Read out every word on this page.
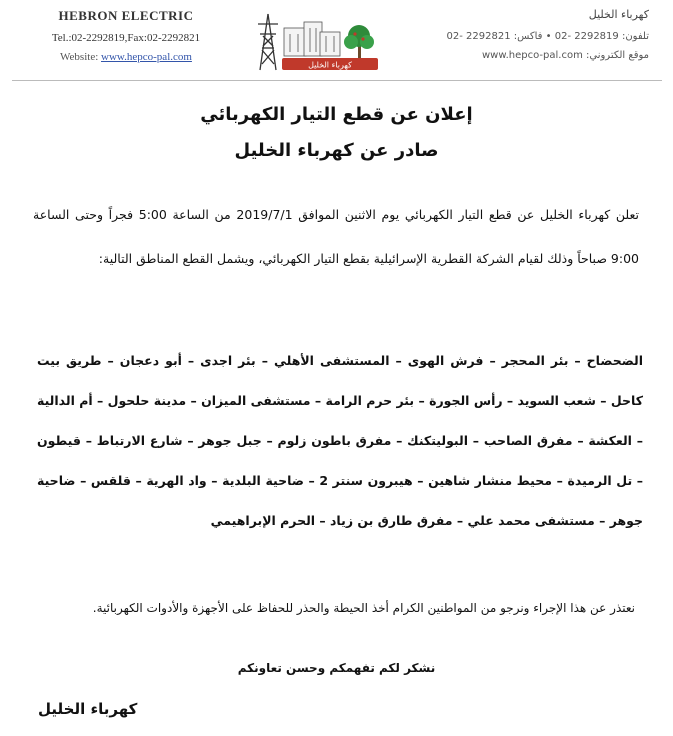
HEBRON ELECTRIC
Tel.:02-2292819,Fax:02-2292821
Website: www.hepco-pal.com
كهرباء الخليل
كهرباء الخليل
تلفون: 2292819 -02 • فاكس: 2292821 -02
موقع الكتروني: www.hepco-pal.com
إعلان عن قطع التيار الكهربائي
صادر عن كهرباء الخليل
تعلن كهرباء الخليل عن قطع التيار الكهربائي يوم الاثنين الموافق 2019/7/1 من الساعة 5:00 فجراً وحتى الساعة 9:00 صباحاً وذلك لقيام الشركة القطرية الإسرائيلية بقطع التيار الكهربائي، ويشمل القطع المناطق التالية:
الضحضاح – بئر المحجر – فرش الهوى – المستشفى الأهلي – بئر اجدى – أبو دعجان – طريق بيت كاحل – شعب السويد – رأس الجورة – بئر حرم الرامة – مستشفى الميزان – مدينة حلحول – أم الدالية – العكشة – مفرق الصاحب – البوليتكنك – مفرق باطون زلوم – جبل جوهر – شارع الارتباط – قيطون – تل الرميدة – محيط منشار شاهين – هيبرون سنتر 2 – ضاحية البلدية – واد الهرية – قلقس – ضاحية جوهر – مستشفى محمد علي – مفرق طارق بن زياد – الحرم الإبراهيمي
نعتذر عن هذا الإجراء ونرجو من المواطنين الكرام أخذ الحيطة والحذر للحفاظ على الأجهزة والأدوات الكهربائية.
نشكر لكم تفهمكم وحسن تعاونكم
كهرباء الخليل
